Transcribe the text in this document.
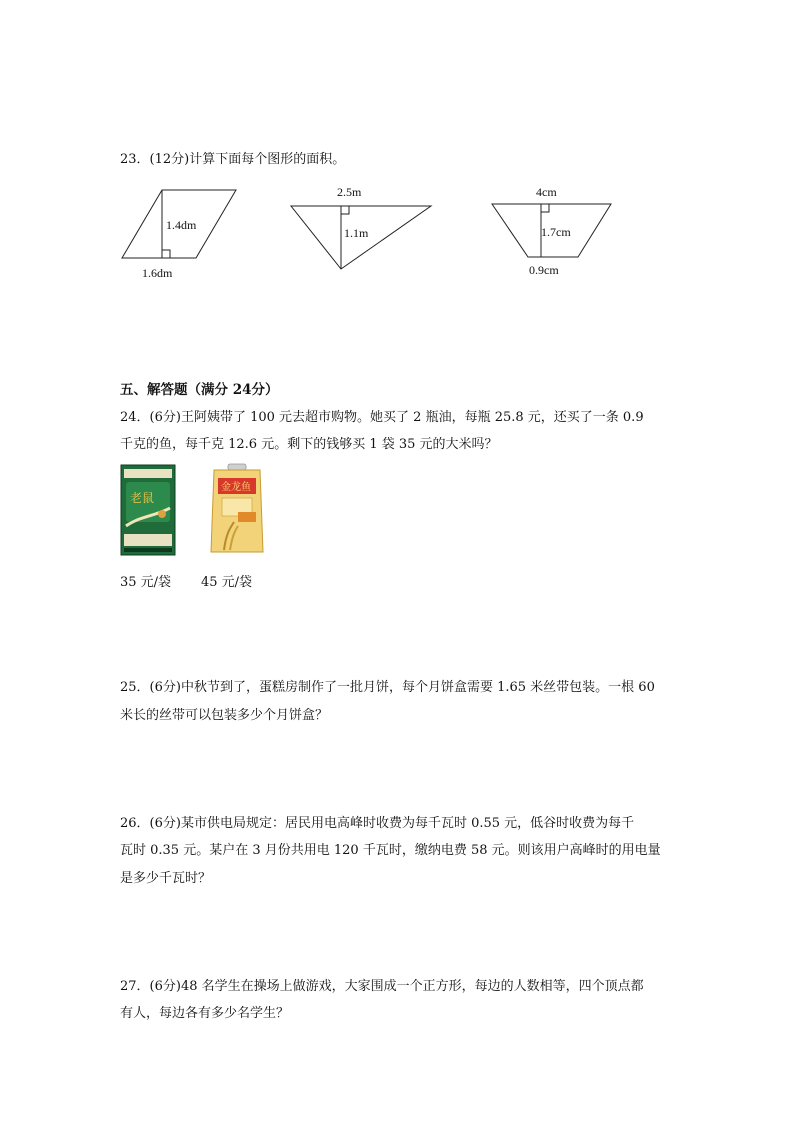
23．(12分)计算下面每个图形的面积。
1.4dm
1.6dm
2.5m
1.1m
4cm
1.7cm
0.9cm
五、解答题（满分 24分）
24．(6分)王阿姨带了 100 元去超市购物。她买了 2 瓶油，每瓶 25.8 元，还买了一条 0.9
千克的鱼，每千克 12.6 元。剩下的钱够买 1 袋 35 元的大米吗？
老鼠
金龙鱼
35 元/袋 45 元/袋
25．(6分)中秋节到了，蛋糕房制作了一批月饼，每个月饼盒需要 1.65 米丝带包装。一根 60
米长的丝带可以包装多少个月饼盒？
26．(6分)某市供电局规定：居民用电高峰时收费为每千瓦时 0.55 元，低谷时收费为每千
瓦时 0.35 元。某户在 3 月份共用电 120 千瓦时，缴纳电费 58 元。则该用户高峰时的用电量
是多少千瓦时？
27．(6分)48 名学生在操场上做游戏，大家围成一个正方形，每边的人数相等，四个顶点都
有人，每边各有多少名学生？
